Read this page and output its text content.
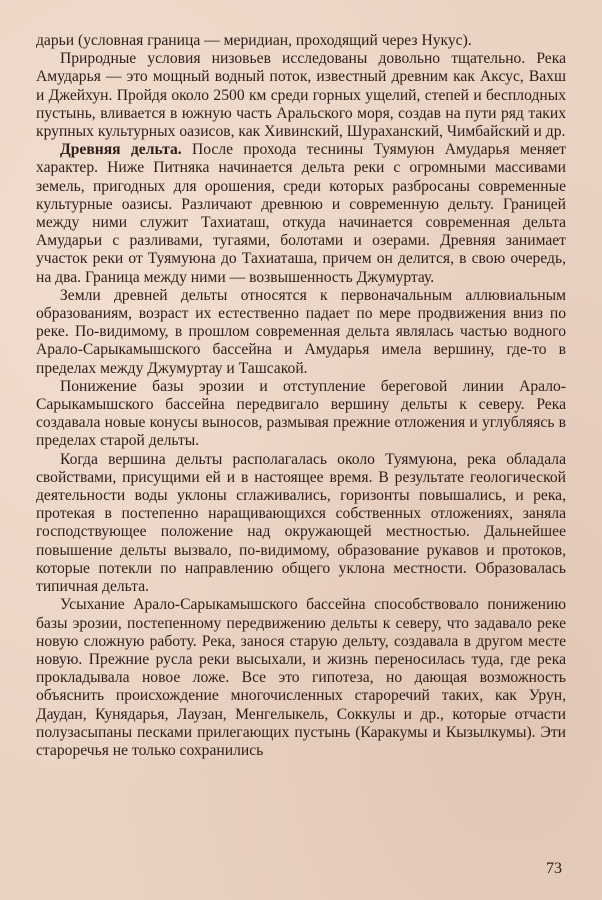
дарьи (условная граница — меридиан, проходящий через Нукус).

Природные условия низовьев исследованы довольно тщательно. Река Амударья — это мощный водный поток, известный древним как Аксус, Вахш и Джейхун. Пройдя около 2500 км среди горных ущелий, степей и бесплодных пустынь, вливается в южную часть Аральского моря, создав на пути ряд таких крупных культурных оазисов, как Хивинский, Шураханский, Чимбайский и др.

Древняя дельта. После прохода теснины Туямуюн Амударья меняет характер. Ниже Питняка начинается дельта реки с огромными массивами земель, пригодных для орошения, среди которых разбросаны современные культурные оазисы. Различают древнюю и современную дельту. Границей между ними служит Тахиаташ, откуда начинается современная дельта Амударьи с разливами, тугаями, болотами и озерами. Древняя занимает участок реки от Туямуюна до Тахиаташа, причем он делится, в свою очередь, на два. Граница между ними — возвышенность Джумуртау.

Земли древней дельты относятся к первоначальным аллювиальным образованиям, возраст их естественно падает по мере продвижения вниз по реке. По-видимому, в прошлом современная дельта являлась частью водного Арало-Сарыкамышского бассейна и Амударья имела вершину, где-то в пределах между Джумуртау и Ташсакой.

Понижение базы эрозии и отступление береговой линии Арало-Сарыкамышского бассейна передвигало вершину дельты к северу. Река создавала новые конусы выносов, размывая прежние отложения и углубляясь в пределах старой дельты.

Когда вершина дельты располагалась около Туямуюна, река обладала свойствами, присущими ей и в настоящее время. В результате геологической деятельности воды уклоны сглаживались, горизонты повышались, и река, протекая в постепенно наращивающихся собственных отложениях, заняла господствующее положение над окружающей местностью. Дальнейшее повышение дельты вызвало, по-видимому, образование рукавов и протоков, которые потекли по направлению общего уклона местности. Образовалась типичная дельта.

Усыхание Арало-Сарыкамышского бассейна способствовало понижению базы эрозии, постепенному передвижению дельты к северу, что задавало реке новую сложную работу. Река, занося старую дельту, создавала в другом месте новую. Прежние русла реки высыхали, и жизнь переносилась туда, где река прокладывала новое ложе. Все это гипотеза, но дающая возможность объяснить происхождение многочисленных староречий таких, как Урун, Даудан, Кунядарья, Лаузан, Менгелыкель, Соккулы и др., которые отчасти полузасыпаны песками прилегающих пустынь (Каракумы и Кызылкумы). Эти староречья не только сохранились

73
